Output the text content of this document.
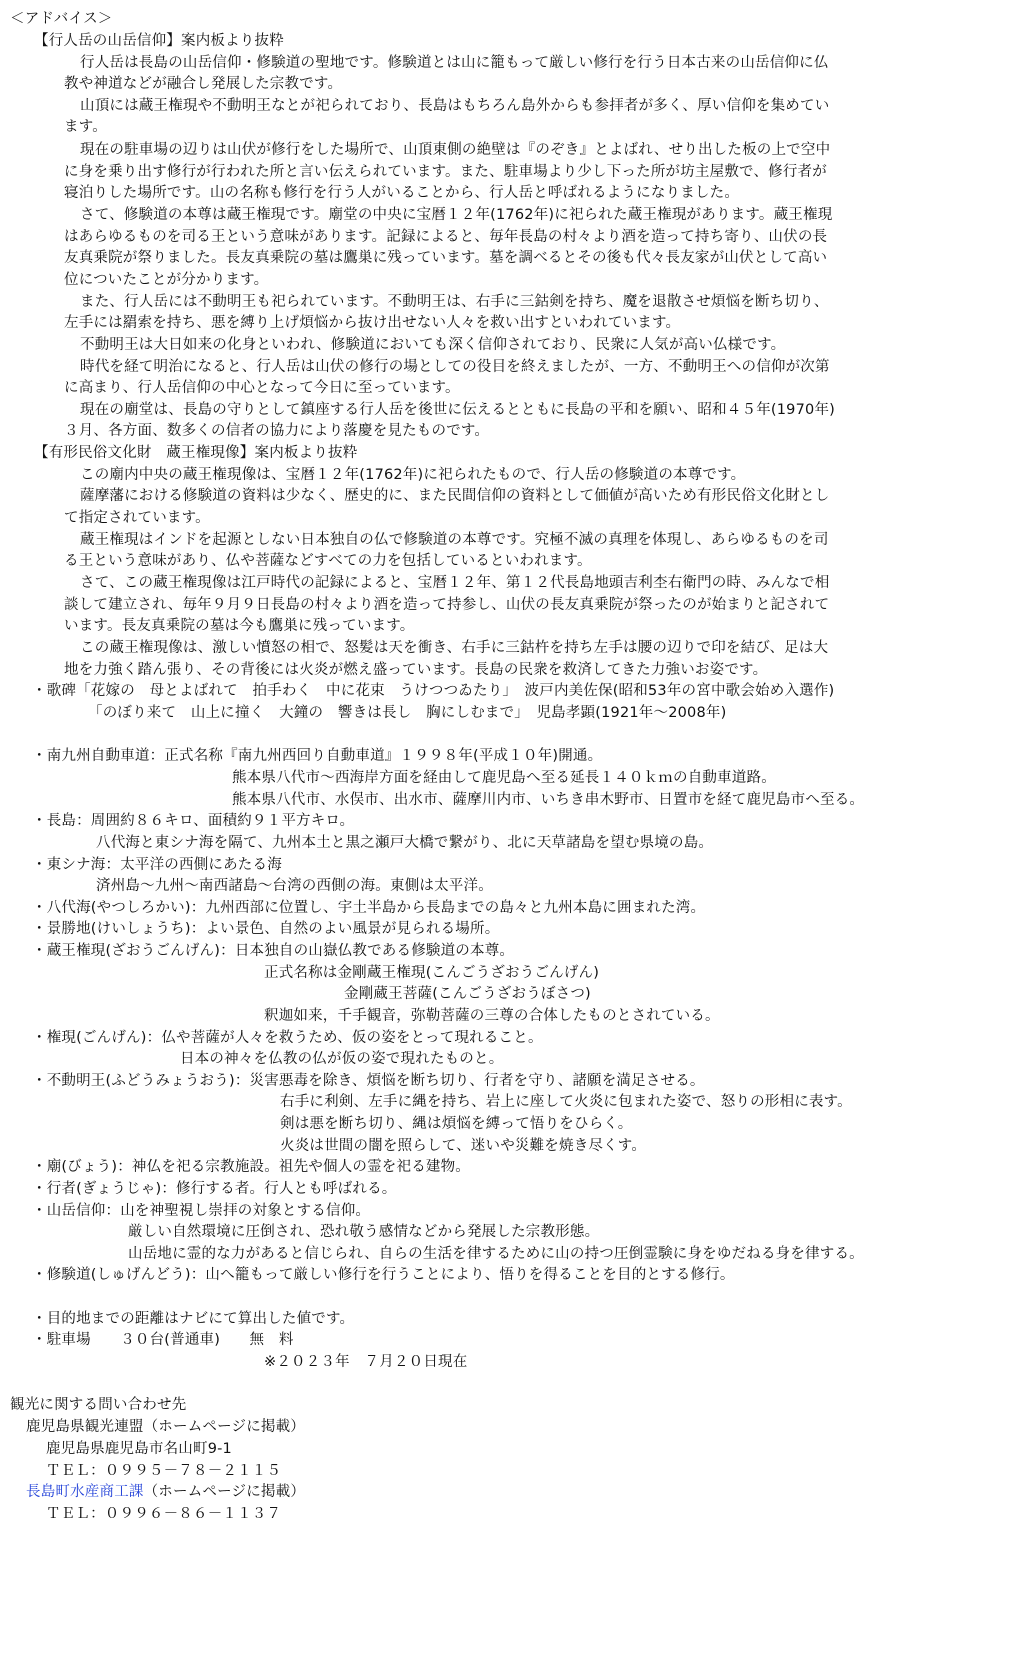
＜アドバイス＞
【行人岳の山岳信仰】案内板より抜粋
行人岳は長島の山岳信仰・修験道の聖地です。修験道とは山に籠もって厳しい修行を行う日本古来の山岳信仰に仏
教や神道などが融合し発展した宗教です。
山頂には蔵王権現や不動明王なとが祀られており、長島はもちろん島外からも参拝者が多く、厚い信仰を集めてい
ます。
現在の駐車場の辺りは山伏が修行をした場所で、山頂東側の絶壁は『のぞき』とよばれ、せり出した板の上で空中
に身を乗り出す修行が行われた所と言い伝えられています。また、駐車場より少し下った所が坊主屋敷で、修行者が
寝泊りした場所です。山の名称も修行を行う人がいることから、行人岳と呼ばれるようになりました。
さて、修験道の本尊は蔵王権現です。廟堂の中央に宝暦１２年(1762年)に祀られた蔵王権現があります。蔵王権現
はあらゆるものを司る王という意味があります。記録によると、毎年長島の村々より酒を造って持ち寄り、山伏の長
友真乗院が祭りました。長友真乗院の墓は鷹巣に残っています。墓を調べるとその後も代々長友家が山伏として高い
位についたことが分かります。
また、行人岳には不動明王も祀られています。不動明王は、右手に三鈷剣を持ち、魔を退散させ煩悩を断ち切り、
左手には羂索を持ち、悪を縛り上げ煩悩から抜け出せない人々を救い出すといわれています。
不動明王は大日如来の化身といわれ、修験道においても深く信仰されており、民衆に人気が高い仏様です。
時代を経て明治になると、行人岳は山伏の修行の場としての役目を終えましたが、一方、不動明王への信仰が次第
に高まり、行人岳信仰の中心となって今日に至っています。
現在の廟堂は、長島の守りとして鎮座する行人岳を後世に伝えるとともに長島の平和を願い、昭和４５年(1970年)
３月、各方面、数多くの信者の協力により落慶を見たものです。
【有形民俗文化財　蔵王権現像】案内板より抜粋
この廟内中央の蔵王権現像は、宝暦１２年(1762年)に祀られたもので、行人岳の修験道の本尊です。
薩摩藩における修験道の資料は少なく、歴史的に、また民間信仰の資料として価値が高いため有形民俗文化財とし
て指定されています。
蔵王権現はインドを起源としない日本独自の仏で修験道の本尊です。究極不滅の真理を体現し、あらゆるものを司
る王という意味があり、仏や菩薩などすべての力を包括しているといわれます。
さて、この蔵王権現像は江戸時代の記録によると、宝暦１２年、第１２代長島地頭吉利杢右衛門の時、みんなで相
談して建立され、毎年９月９日長島の村々より酒を造って持参し、山伏の長友真乗院が祭ったのが始まりと記されて
います。長友真乗院の墓は今も鷹巣に残っています。
この蔵王権現像は、激しい憤怒の相で、怒髪は天を衝き、右手に三鈷杵を持ち左手は腰の辺りで印を結び、足は大
地を力強く踏ん張り、その背後には火炎が燃え盛っています。長島の民衆を救済してきた力強いお姿です。
・歌碑「花嫁の　母とよばれて　拍手わく　中に花束　うけつつゐたり」　波戸内美佐保(昭和53年の宮中歌会始め入選作)
「のぼり来て　山上に撞く　大鐘の　響きは長し　胸にしむまで」　児島孝顕(1921年～2008年)
・南九州自動車道：正式名称『南九州西回り自動車道』１９９８年(平成１０年)開通。
熊本県八代市～西海岸方面を経由して鹿児島へ至る延長１４０ｋｍの自動車道路。
熊本県八代市、水俣市、出水市、薩摩川内市、いちき串木野市、日置市を経て鹿児島市へ至る。
・長島：周囲約８６キロ、面積約９１平方キロ。
八代海と東シナ海を隔て、九州本土と黒之瀬戸大橋で繋がり、北に天草諸島を望む県境の島。
・東シナ海：太平洋の西側にあたる海
済州島～九州～南西諸島～台湾の西側の海。東側は太平洋。
・八代海(やつしろかい)：九州西部に位置し、宇土半島から長島までの島々と九州本島に囲まれた湾。
・景勝地(けいしょうち)：よい景色、自然のよい風景が見られる場所。
・蔵王権現(ざおうごんげん)：日本独自の山嶽仏教である修験道の本尊。
正式名称は金剛蔵王権現(こんごうざおうごんげん)
金剛蔵王菩薩(こんごうざおうぼさつ)
釈迦如来，千手観音，弥勒菩薩の三尊の合体したものとされている。
・権現(ごんげん)：仏や菩薩が人々を救うため、仮の姿をとって現れること。
日本の神々を仏教の仏が仮の姿で現れたものと。
・不動明王(ふどうみょうおう)：災害悪毒を除き、煩悩を断ち切り、行者を守り、諸願を満足させる。
右手に利剣、左手に縄を持ち、岩上に座して火炎に包まれた姿で、怒りの形相に表す。
剣は悪を断ち切り、縄は煩悩を縛って悟りをひらく。
火炎は世間の闇を照らして、迷いや災難を焼き尽くす。
・廟(びょう)：神仏を祀る宗教施設。祖先や個人の霊を祀る建物。
・行者(ぎょうじゃ)：修行する者。行人とも呼ばれる。
・山岳信仰：山を神聖視し崇拝の対象とする信仰。
厳しい自然環境に圧倒され、恐れ敬う感情などから発展した宗教形態。
山岳地に霊的な力があると信じられ、自らの生活を律するために山の持つ圧倒霊験に身をゆだねる身を律する。
・修験道(しゅげんどう)：山へ籠もって厳しい修行を行うことにより、悟りを得ることを目的とする修行。
・目的地までの距離はナビにて算出した値です。
・駐車場　　３０台(普通車)　　無　料
※２０２３年　７月２０日現在
観光に関する問い合わせ先
鹿児島県観光連盟（ホームページに掲載）
鹿児島県鹿児島市名山町9-1
ＴＥＬ：０９９５－７８－２１１５
長島町水産商工課（ホームページに掲載）
ＴＥＬ：０９９６－８６－１１３７
